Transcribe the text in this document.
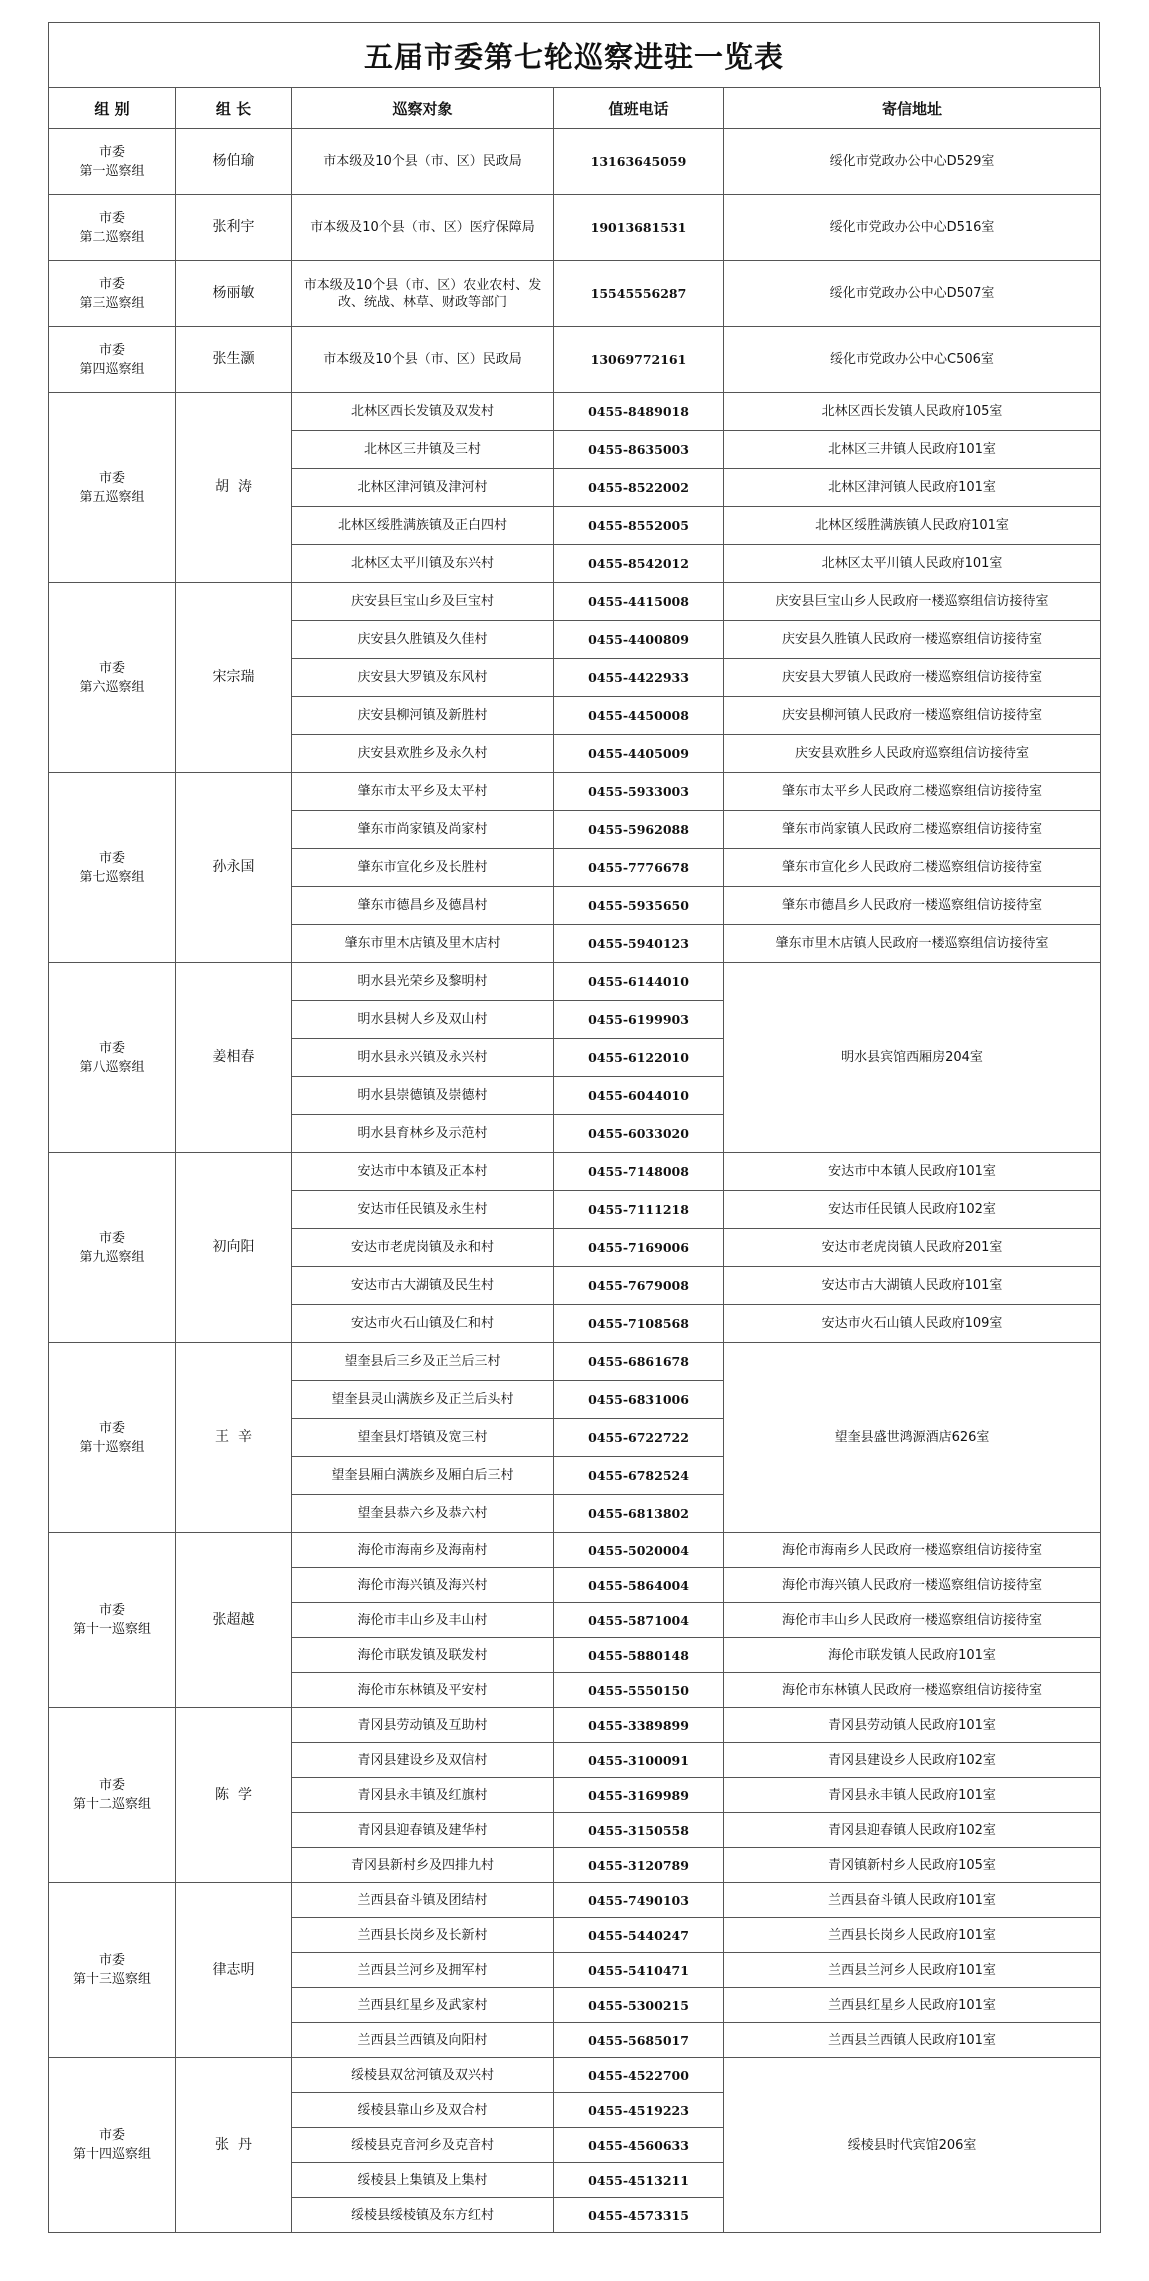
五届市委第七轮巡察进驻一览表
组 别	组 长	巡察对象	值班电话	寄信地址

市委
第一巡察组	杨伯瑜	市本级及10个县（市、区）民政局	13163645059	绥化市党政办公中心D529室

市委
第二巡察组	张利宇	市本级及10个县（市、区）医疗保障局	19013681531	绥化市党政办公中心D516室

市委
第三巡察组	杨丽敏	市本级及10个县（市、区）农业农村、发改、统战、林草、财政等部门	15545556287	绥化市党政办公中心D507室

市委
第四巡察组	张生灏	市本级及10个县（市、区）民政局	13069772161	绥化市党政办公中心C506室

市委
第五巡察组	胡  涛	北林区西长发镇及双发村	0455-8489018	北林区西长发镇人民政府105室
		北林区三井镇及三村	0455-8635003	北林区三井镇人民政府101室
		北林区津河镇及津河村	0455-8522002	北林区津河镇人民政府101室
		北林区绥胜满族镇及正白四村	0455-8552005	北林区绥胜满族镇人民政府101室
		北林区太平川镇及东兴村	0455-8542012	北林区太平川镇人民政府101室

市委
第六巡察组	宋宗瑞	庆安县巨宝山乡及巨宝村	0455-4415008	庆安县巨宝山乡人民政府一楼巡察组信访接待室
		庆安县久胜镇及久佳村	0455-4400809	庆安县久胜镇人民政府一楼巡察组信访接待室
		庆安县大罗镇及东风村	0455-4422933	庆安县大罗镇人民政府一楼巡察组信访接待室
		庆安县柳河镇及新胜村	0455-4450008	庆安县柳河镇人民政府一楼巡察组信访接待室
		庆安县欢胜乡及永久村	0455-4405009	庆安县欢胜乡人民政府巡察组信访接待室

市委
第七巡察组	孙永国	肇东市太平乡及太平村	0455-5933003	肇东市太平乡人民政府二楼巡察组信访接待室
		肇东市尚家镇及尚家村	0455-5962088	肇东市尚家镇人民政府二楼巡察组信访接待室
		肇东市宣化乡及长胜村	0455-7776678	肇东市宣化乡人民政府二楼巡察组信访接待室
		肇东市德昌乡及德昌村	0455-5935650	肇东市德昌乡人民政府一楼巡察组信访接待室
		肇东市里木店镇及里木店村	0455-5940123	肇东市里木店镇人民政府一楼巡察组信访接待室

市委
第八巡察组	姜相春	明水县光荣乡及黎明村	0455-6144010	明水县宾馆西厢房204室
		明水县树人乡及双山村	0455-6199903	
		明水县永兴镇及永兴村	0455-6122010	
		明水县崇德镇及崇德村	0455-6044010	
		明水县育林乡及示范村	0455-6033020	

市委
第九巡察组	初向阳	安达市中本镇及正本村	0455-7148008	安达市中本镇人民政府101室
		安达市任民镇及永生村	0455-7111218	安达市任民镇人民政府102室
		安达市老虎岗镇及永和村	0455-7169006	安达市老虎岗镇人民政府201室
		安达市古大湖镇及民生村	0455-7679008	安达市古大湖镇人民政府101室
		安达市火石山镇及仁和村	0455-7108568	安达市火石山镇人民政府109室

市委
第十巡察组	王  辛	望奎县后三乡及正兰后三村	0455-6861678	望奎县盛世鸿源酒店626室
		望奎县灵山满族乡及正兰后头村	0455-6831006	
		望奎县灯塔镇及宽三村	0455-6722722	
		望奎县厢白满族乡及厢白后三村	0455-6782524	
		望奎县恭六乡及恭六村	0455-6813802	

市委
第十一巡察组	张超越	海伦市海南乡及海南村	0455-5020004	海伦市海南乡人民政府一楼巡察组信访接待室
		海伦市海兴镇及海兴村	0455-5864004	海伦市海兴镇人民政府一楼巡察组信访接待室
		海伦市丰山乡及丰山村	0455-5871004	海伦市丰山乡人民政府一楼巡察组信访接待室
		海伦市联发镇及联发村	0455-5880148	海伦市联发镇人民政府101室
		海伦市东林镇及平安村	0455-5550150	海伦市东林镇人民政府一楼巡察组信访接待室

市委
第十二巡察组	陈  学	青冈县劳动镇及互助村	0455-3389899	青冈县劳动镇人民政府101室
		青冈县建设乡及双信村	0455-3100091	青冈县建设乡人民政府102室
		青冈县永丰镇及红旗村	0455-3169989	青冈县永丰镇人民政府101室
		青冈县迎春镇及建华村	0455-3150558	青冈县迎春镇人民政府102室
		青冈县新村乡及四排九村	0455-3120789	青冈镇新村乡人民政府105室

市委
第十三巡察组	律志明	兰西县奋斗镇及团结村	0455-7490103	兰西县奋斗镇人民政府101室
		兰西县长岗乡及长新村	0455-5440247	兰西县长岗乡人民政府101室
		兰西县兰河乡及拥军村	0455-5410471	兰西县兰河乡人民政府101室
		兰西县红星乡及武家村	0455-5300215	兰西县红星乡人民政府101室
		兰西县兰西镇及向阳村	0455-5685017	兰西县兰西镇人民政府101室

市委
第十四巡察组	张  丹	绥棱县双岔河镇及双兴村	0455-4522700	绥棱县时代宾馆206室
		绥棱县靠山乡及双合村	0455-4519223	
		绥棱县克音河乡及克音村	0455-4560633	
		绥棱县上集镇及上集村	0455-4513211	
		绥棱县绥棱镇及东方红村	0455-4573315	
